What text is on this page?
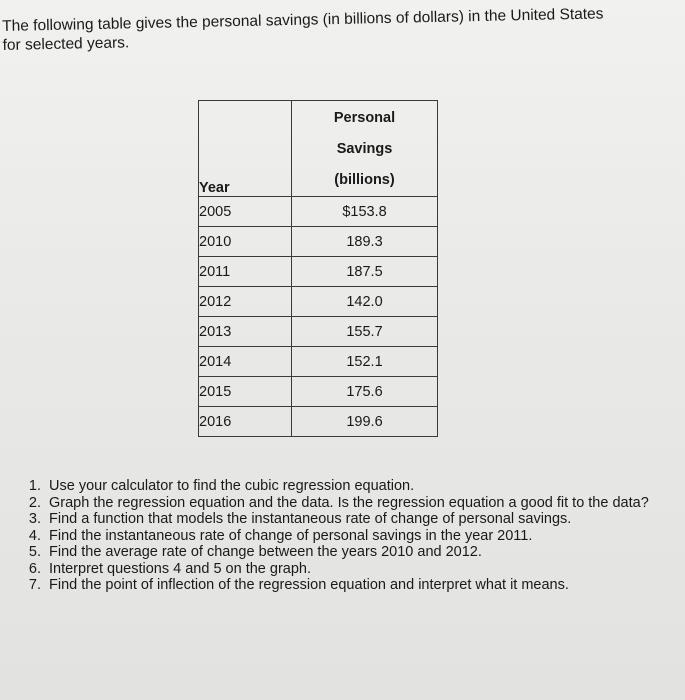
The following table gives the personal savings (in billions of dollars) in the United States
for selected years.
Year	Personal
Savings
(billions)

2005	$153.8
2010	189.3
2011	187.5
2012	142.0
2013	155.7
2014	152.1
2015	175.6
2016	199.6
1. Use your calculator to find the cubic regression equation.
2. Graph the regression equation and the data. Is the regression equation a good fit to the data?
3. Find a function that models the instantaneous rate of change of personal savings.
4. Find the instantaneous rate of change of personal savings in the year 2011.
5. Find the average rate of change between the years 2010 and 2012.
6. Interpret questions 4 and 5 on the graph.
7. Find the point of inflection of the regression equation and interpret what it means.
